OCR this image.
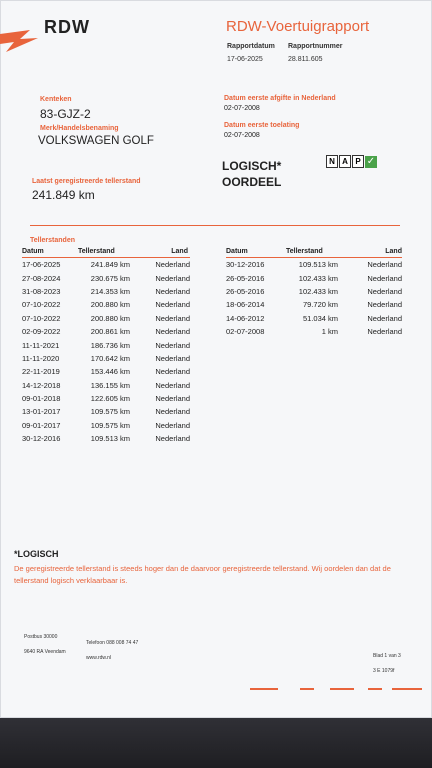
RDW	RDW-Voertuigrapport
Rapportdatum Rapportnummer
17-06-2025	28.811.605
Kenteken
83-GJZ-2
Merk/Handelsbenaming
VOLKSWAGEN GOLF
Datum eerste afgifte in Nederland
02-07-2008
Datum eerste toelating
02-07-2008
Laatst geregistreerde tellerstand
241.849 km
LOGISCH*
OORDEEL
N A P ✓
Tellerstanden
Datum	Tellerstand	Land
17-06-2025	241.849 km	Nederland
27-08-2024	230.675 km	Nederland
31-08-2023	214.353 km	Nederland
07-10-2022	200.880 km	Nederland
07-10-2022	200.880 km	Nederland
02-09-2022	200.861 km	Nederland
11-11-2021	186.736 km	Nederland
11-11-2020	170.642 km	Nederland
22-11-2019	153.446 km	Nederland
14-12-2018	136.155 km	Nederland
09-01-2018	122.605 km	Nederland
13-01-2017	109.575 km	Nederland
09-01-2017	109.575 km	Nederland
30-12-2016	109.513 km	Nederland
Datum	Tellerstand	Land
30-12-2016	109.513 km	Nederland
26-05-2016	102.433 km	Nederland
26-05-2016	102.433 km	Nederland
18-06-2014	79.720 km	Nederland
14-06-2012	51.034 km	Nederland
02-07-2008	1 km	Nederland
*LOGISCH
De geregistreerde tellerstand is steeds hoger dan de daarvoor geregistreerde tellerstand. Wij oordelen dan dat de tellerstand logisch verklaarbaar is.
Postbus 30000
9640 RA Veendam
Telefoon 088 008 74 47
www.rdw.nl	Blad 1 van 3
3 E 1079f
